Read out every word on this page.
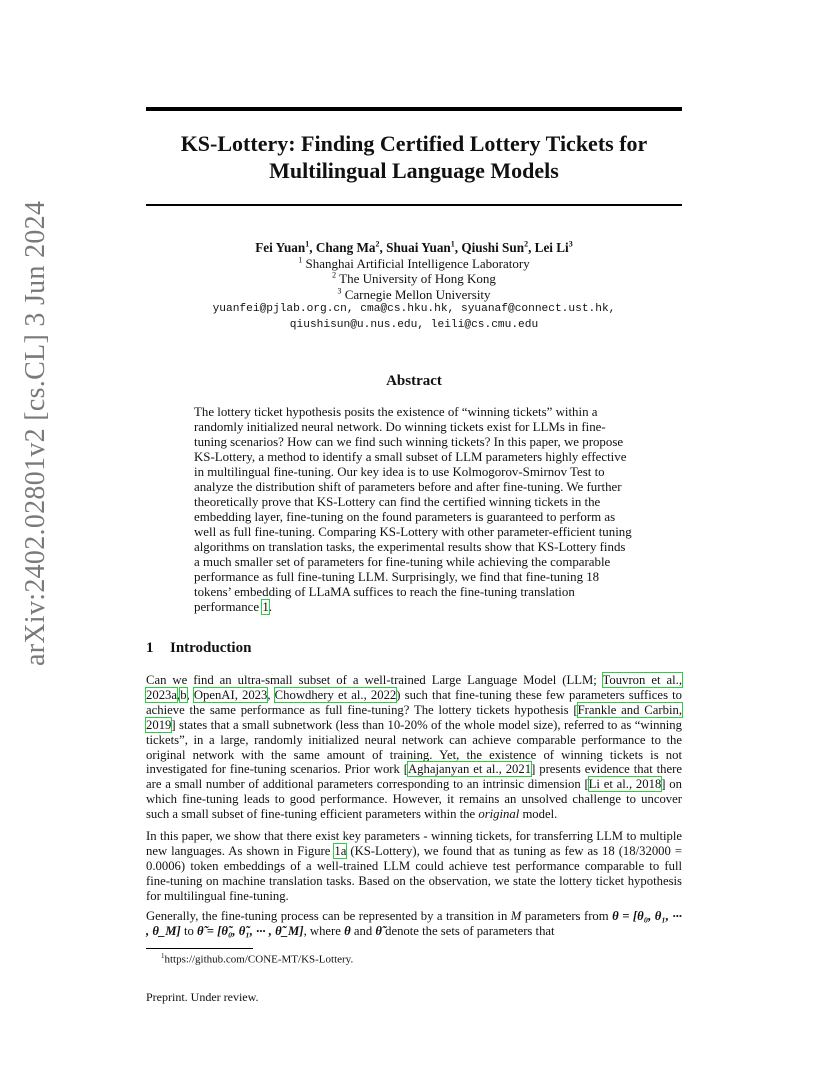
arXiv:2402.02801v2 [cs.CL] 3 Jun 2024
KS-Lottery: Finding Certified Lottery Tickets for
Multilingual Language Models
Fei Yuan$^1$, Chang Ma$^2$, Shuai Yuan$^1$, Qiushi Sun$^2$, Lei Li$^3$
$^1$ Shanghai Artificial Intelligence Laboratory
$^2$ The University of Hong Kong
$^3$ Carnegie Mellon University
yuanfei@pjlab.org.cn, cma@cs.hku.hk, syuanaf@connect.ust.hk,
qiushisun@u.nus.edu, leili@cs.cmu.edu
Abstract
The lottery ticket hypothesis posits the existence of “winning tickets” within a randomly initialized neural network. Do winning tickets exist for LLMs in fine-tuning scenarios? How can we find such winning tickets? In this paper, we propose KS-Lottery, a method to identify a small subset of LLM parameters highly effective in multilingual fine-tuning. Our key idea is to use Kolmogorov-Smirnov Test to analyze the distribution shift of parameters before and after fine-tuning. We further theoretically prove that KS-Lottery can find the certified winning tickets in the embedding layer, fine-tuning on the found parameters is guaranteed to perform as well as full fine-tuning. Comparing KS-Lottery with other parameter-efficient tuning algorithms on translation tasks, the experimental results show that KS-Lottery finds a much smaller set of parameters for fine-tuning while achieving the comparable performance as full fine-tuning LLM. Surprisingly, we find that fine-tuning 18 tokens’ embedding of LLaMA suffices to reach the fine-tuning translation performance 1.
1 Introduction
Can we find an ultra-small subset of a well-trained Large Language Model (LLM; Touvron et al., 2023a,b, OpenAI, 2023, Chowdhery et al., 2022) such that fine-tuning these few parameters suffices to achieve the same performance as full fine-tuning? The lottery tickets hypothesis [Frankle and Carbin, 2019] states that a small subnetwork (less than 10-20% of the whole model size), referred to as “winning tickets”, in a large, randomly initialized neural network can achieve comparable performance to the original network with the same amount of training. Yet, the existence of winning tickets is not investigated for fine-tuning scenarios. Prior work [Aghajanyan et al., 2021] presents evidence that there are a small number of additional parameters corresponding to an intrinsic dimension [Li et al., 2018] on which fine-tuning leads to good performance. However, it remains an unsolved challenge to uncover such a small subset of fine-tuning efficient parameters within the original model.
In this paper, we show that there exist key parameters - winning tickets, for transferring LLM to multiple new languages. As shown in Figure 1a (KS-Lottery), we found that as tuning as few as 18 (18/32000 = 0.0006) token embeddings of a well-trained LLM could achieve test performance comparable to full fine-tuning on machine translation tasks. Based on the observation, we state the lottery ticket hypothesis for multilingual fine-tuning.
Generally, the fine-tuning process can be represented by a transition in M parameters from θ = [θ₀, θ₁, ··· , θ_M] to θ̃ = [θ̃₀, θ̃₁, ··· , θ̃_M], where θ and θ̃ denote the sets of parameters that
$^1$https://github.com/CONE-MT/KS-Lottery.
Preprint. Under review.
